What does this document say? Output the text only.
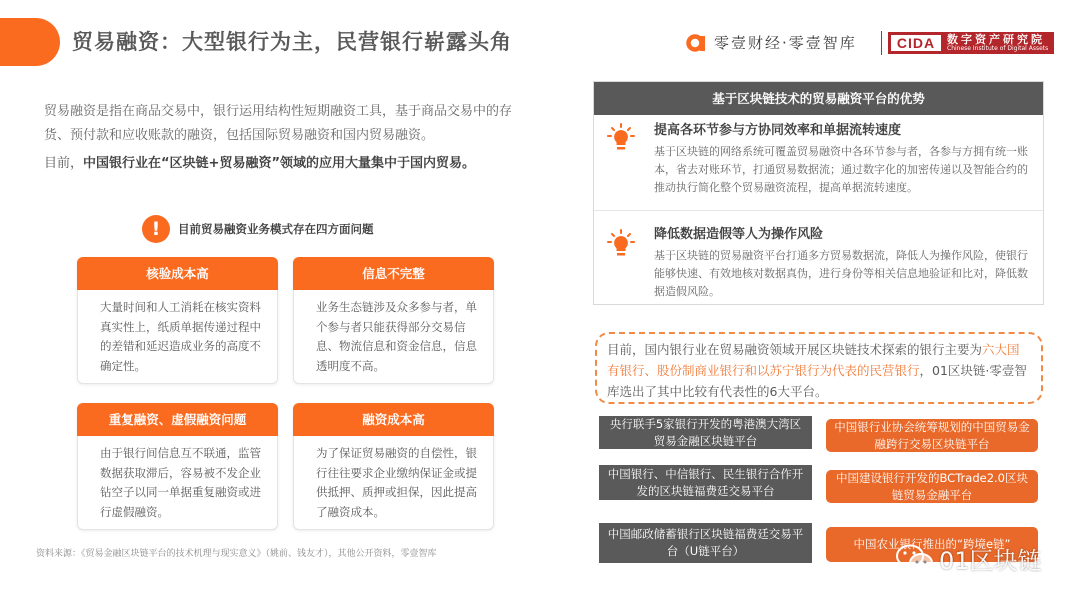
贸易融资：大型银行为主，民营银行崭露头角	零壹财经·零壹智库	CIDA	数字资产研究院
Chinese Institute of Digital Assets
贸易融资是指在商品交易中，银行运用结构性短期融资工具，基于商品交易中的存货、预付款和应收账款的融资，包括国际贸易融资和国内贸易融资。
目前，中国银行业在“区块链+贸易融资”领域的应用大量集中于国内贸易。
!	目前贸易融资业务模式存在四方面问题
核验成本高
大量时间和人工消耗在核实资料真实性上，纸质单据传递过程中的差错和延迟造成业务的高度不确定性。
信息不完整
业务生态链涉及众多参与者，单个参与者只能获得部分交易信息、物流信息和资金信息，信息透明度不高。
重复融资、虚假融资问题
由于银行间信息互不联通，监管数据获取滞后，容易被不发企业钻空子以同一单据重复融资或进行虚假融资。
融资成本高
为了保证贸易融资的自偿性，银行往往要求企业缴纳保证金或提供抵押、质押或担保，因此提高了融资成本。
资料来源：《贸易金融区块链平台的技术机理与现实意义》（姚前、钱友才），其他公开资料，零壹智库
基于区块链技术的贸易融资平台的优势
提高各环节参与方协同效率和单据流转速度
基于区块链的网络系统可覆盖贸易融资中各环节参与者，各参与方拥有统一账本，省去对账环节，打通贸易数据流；通过数字化的加密传递以及智能合约的推动执行简化整个贸易融资流程，提高单据流转速度。
降低数据造假等人为操作风险
基于区块链的贸易融资平台打通多方贸易数据流，降低人为操作风险，使银行能够快速、有效地核对数据真伪，进行身份等相关信息地验证和比对，降低数据造假风险。
目前，国内银行业在贸易融资领域开展区块链技术探索的银行主要为六大国有银行、股份制商业银行和以苏宁银行为代表的民营银行，01区块链·零壹智库选出了其中比较有代表性的6大平台。
央行联手5家银行开发的粤港澳大湾区贸易金融区块链平台
中国银行业协会统筹规划的中国贸易金融跨行交易区块链平台
中国银行、中信银行、民生银行合作开发的区块链福费廷交易平台
中国建设银行开发的BCTrade2.0区块链贸易金融平台
中国邮政储蓄银行区块链福费廷交易平台（U链平台）	中国农业银行推出的“跨境e链”
01区块链
